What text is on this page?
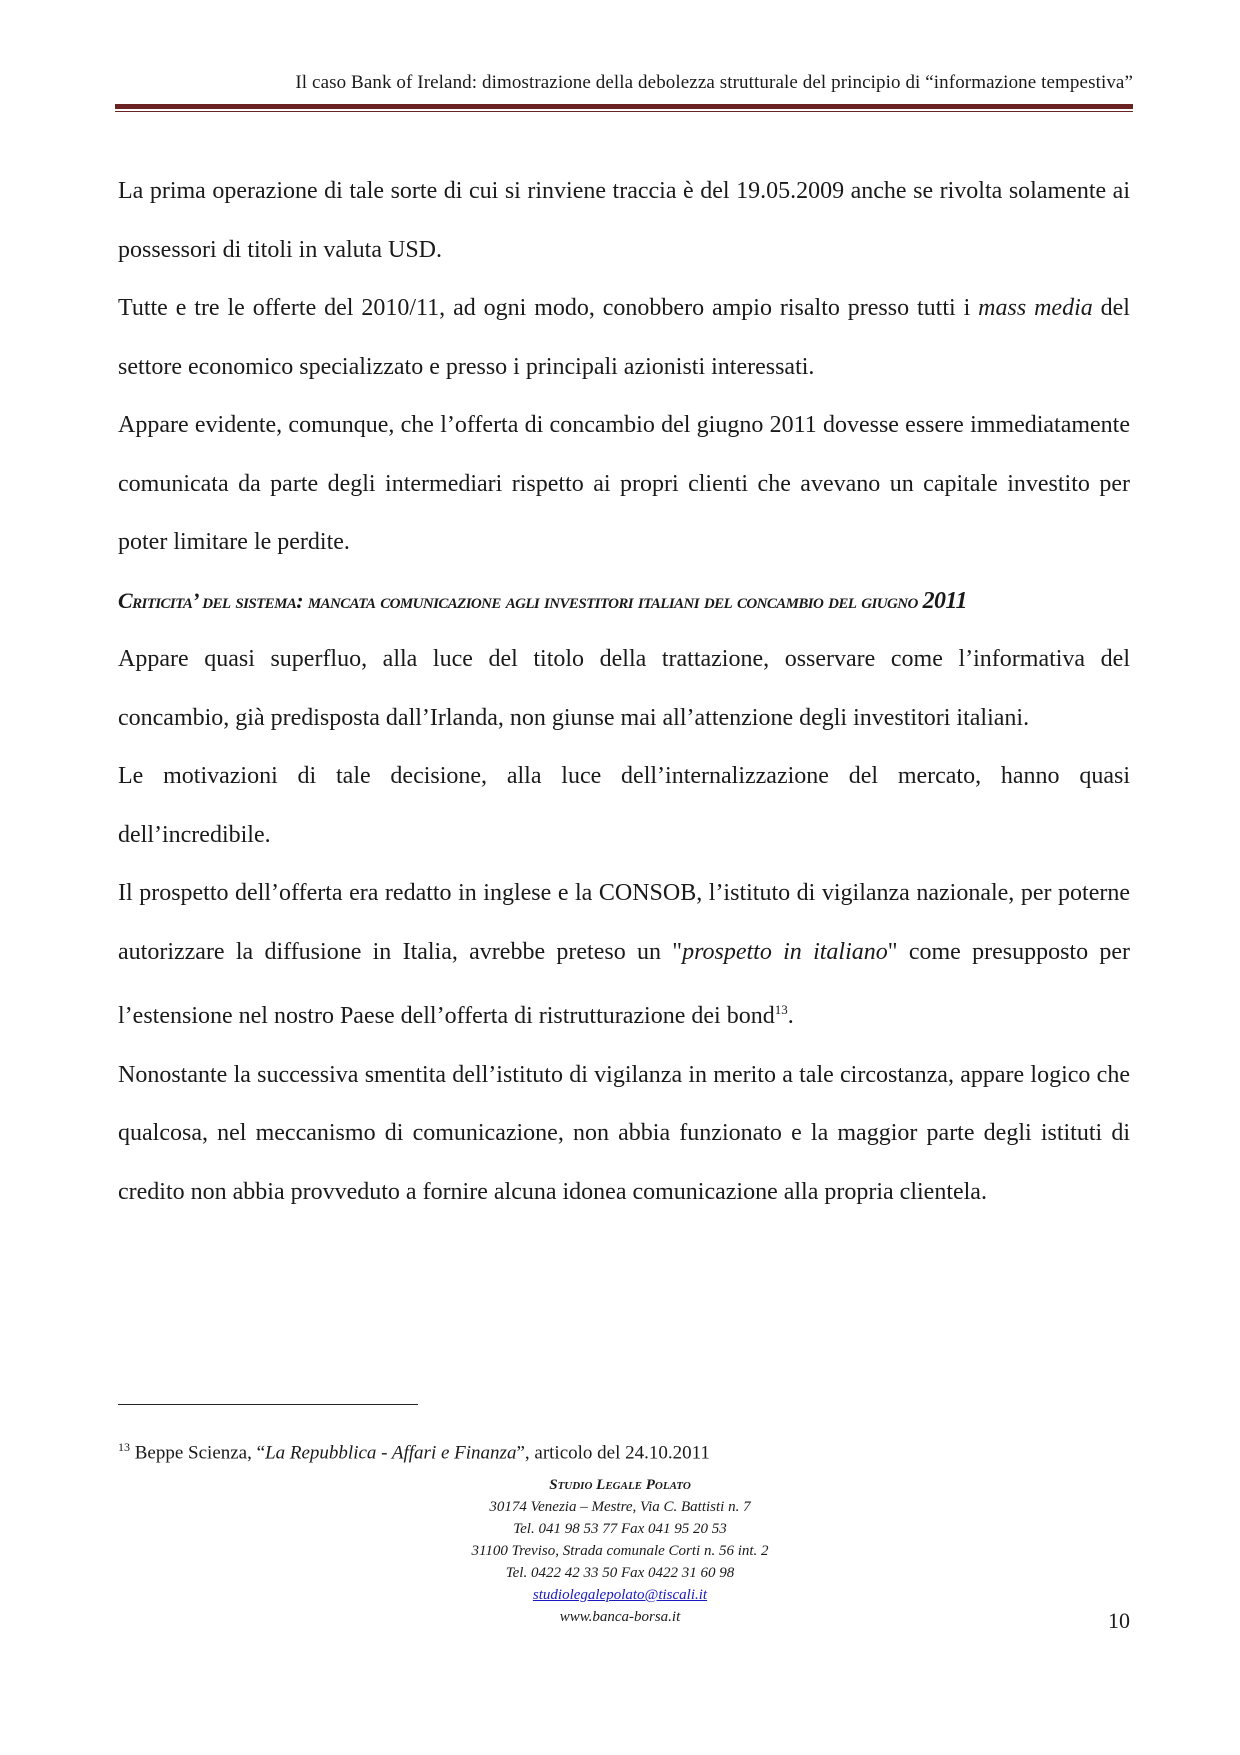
Il caso Bank of Ireland: dimostrazione della debolezza strutturale del principio di “informazione tempestiva”

La prima operazione di tale sorte di cui si rinviene traccia è del 19.05.2009 anche se rivolta solamente ai possessori di titoli in valuta USD.

Tutte e tre le offerte del 2010/11, ad ogni modo, conobbero ampio risalto presso tutti i mass media del settore economico specializzato e presso i principali azionisti interessati.

Appare evidente, comunque, che l’offerta di concambio del giugno 2011 dovesse essere immediatamente comunicata da parte degli intermediari rispetto ai propri clienti che avevano un capitale investito per poter limitare le perdite.

Criticita’ del sistema: mancata comunicazione agli investitori italiani del concambio del giugno 2011

Appare quasi superfluo, alla luce del titolo della trattazione, osservare come l’informativa del concambio, già predisposta dall’Irlanda, non giunse mai all’attenzione degli investitori italiani.

Le motivazioni di tale decisione, alla luce dell’internalizzazione del mercato, hanno quasi dell’incredibile.

Il prospetto dell’offerta era redatto in inglese e la CONSOB, l’istituto di vigilanza nazionale, per poterne autorizzare la diffusione in Italia, avrebbe preteso un "prospetto in italiano" come presupposto per l’estensione nel nostro Paese dell’offerta di ristrutturazione dei bond$^{13}$.

Nonostante la successiva smentita dell’istituto di vigilanza in merito a tale circostanza, appare logico che qualcosa, nel meccanismo di comunicazione, non abbia funzionato e la maggior parte degli istituti di credito non abbia provveduto a fornire alcuna idonea comunicazione alla propria clientela.

$^{13}$ Beppe Scienza, “La Repubblica - Affari e Finanza”, articolo del 24.10.2011
Studio Legale Polato
30174 Venezia – Mestre, Via C. Battisti n. 7
Tel. 041 98 53 77 Fax 041 95 20 53
31100 Treviso, Strada comunale Corti n. 56 int. 2
Tel. 0422 42 33 50 Fax 0422 31 60 98
studiolegalepolato@tiscali.it
www.banca-borsa.it	10
